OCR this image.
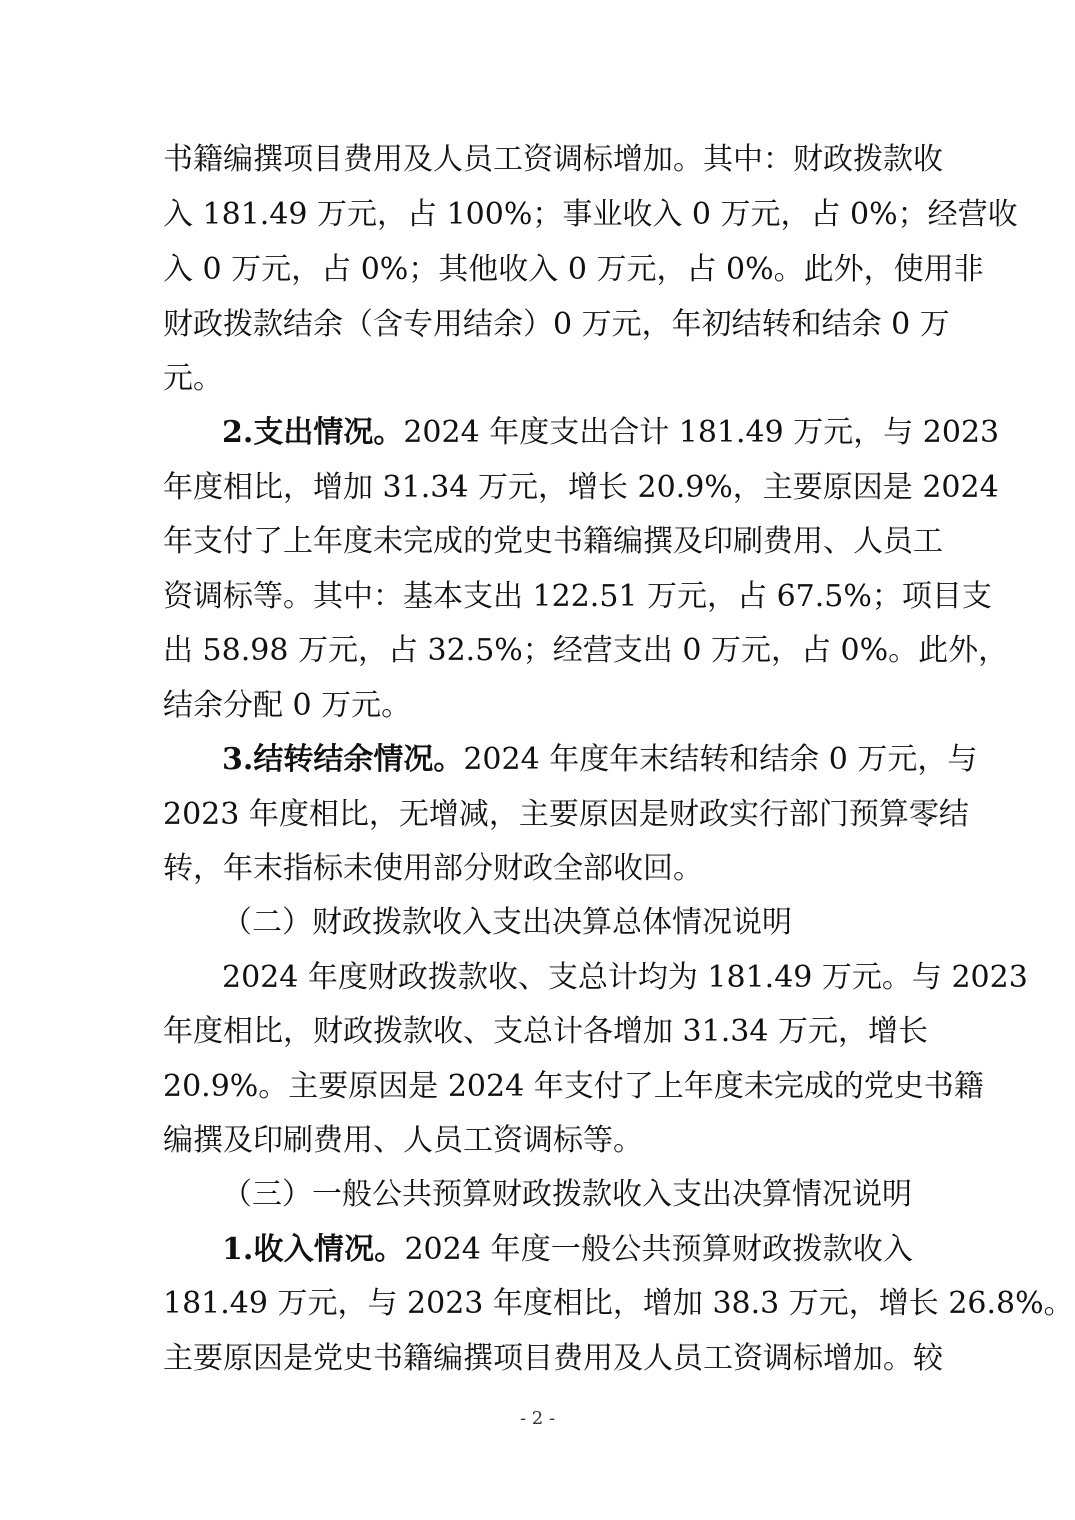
书籍编撰项目费用及人员工资调标增加。其中：财政拨款收
入 181.49 万元，占 100%；事业收入 0 万元，占 0%；经营收
入 0 万元，占 0%；其他收入 0 万元，占 0%。此外，使用非
财政拨款结余（含专用结余）0 万元，年初结转和结余 0 万
元。
2.支出情况。2024 年度支出合计 181.49 万元，与 2023
年度相比，增加 31.34 万元，增长 20.9%，主要原因是 2024
年支付了上年度未完成的党史书籍编撰及印刷费用、人员工
资调标等。其中：基本支出 122.51 万元，占 67.5%；项目支
出 58.98 万元，占 32.5%；经营支出 0 万元，占 0%。此外，
结余分配 0 万元。
3.结转结余情况。2024 年度年末结转和结余 0 万元，与
2023 年度相比，无增减，主要原因是财政实行部门预算零结
转，年末指标未使用部分财政全部收回。
（二）财政拨款收入支出决算总体情况说明
2024 年度财政拨款收、支总计均为 181.49 万元。与 2023
年度相比，财政拨款收、支总计各增加 31.34 万元，增长
20.9%。主要原因是 2024 年支付了上年度未完成的党史书籍
编撰及印刷费用、人员工资调标等。
（三）一般公共预算财政拨款收入支出决算情况说明
1.收入情况。2024 年度一般公共预算财政拨款收入
181.49 万元，与 2023 年度相比，增加 38.3 万元，增长 26.8%。
主要原因是党史书籍编撰项目费用及人员工资调标增加。较
- 2 -
